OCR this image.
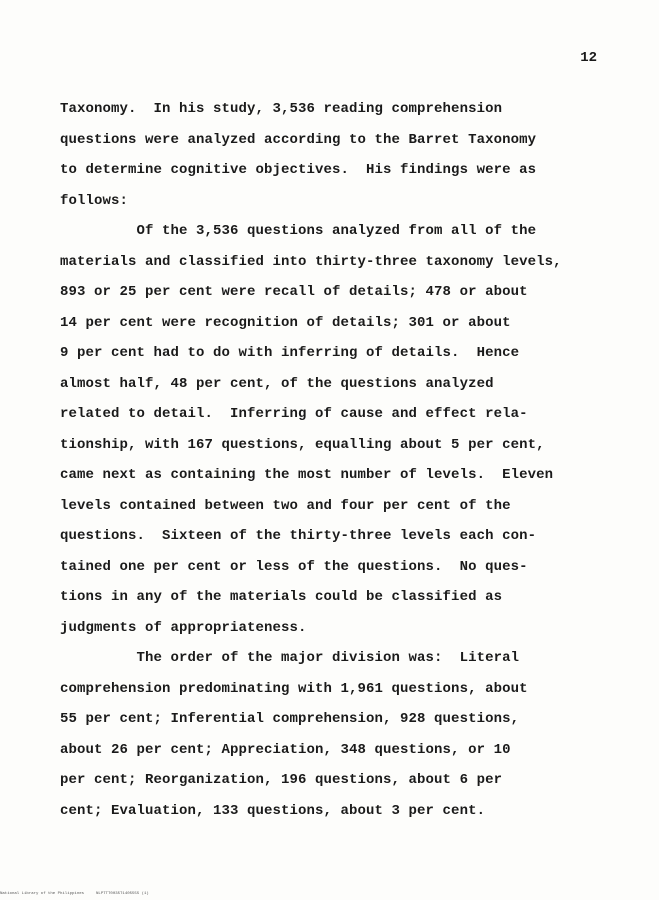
12
Taxonomy.  In his study, 3,536 reading comprehension
questions were analyzed according to the Barret Taxonomy
to determine cognitive objectives.  His findings were as
follows:
Of the 3,536 questions analyzed from all of the
materials and classified into thirty-three taxonomy levels,
893 or 25 per cent were recall of details; 478 or about
14 per cent were recognition of details; 301 or about
9 per cent had to do with inferring of details.  Hence
almost half, 48 per cent, of the questions analyzed
related to detail.  Inferring of cause and effect rela-
tionship, with 167 questions, equalling about 5 per cent,
came next as containing the most number of levels.  Eleven
levels contained between two and four per cent of the
questions.  Sixteen of the thirty-three levels each con-
tained one per cent or less of the questions.  No ques-
tions in any of the materials could be classified as
judgments of appropriateness.
The order of the major division was:  Literal
comprehension predominating with 1,961 questions, about
55 per cent; Inferential comprehension, 928 questions,
about 26 per cent; Appreciation, 348 questions, or 10
per cent; Reorganization, 196 questions, about 6 per
cent; Evaluation, 133 questions, about 3 per cent.
National Library of the Philippines     NLPTTT0035T1405555 (1)
